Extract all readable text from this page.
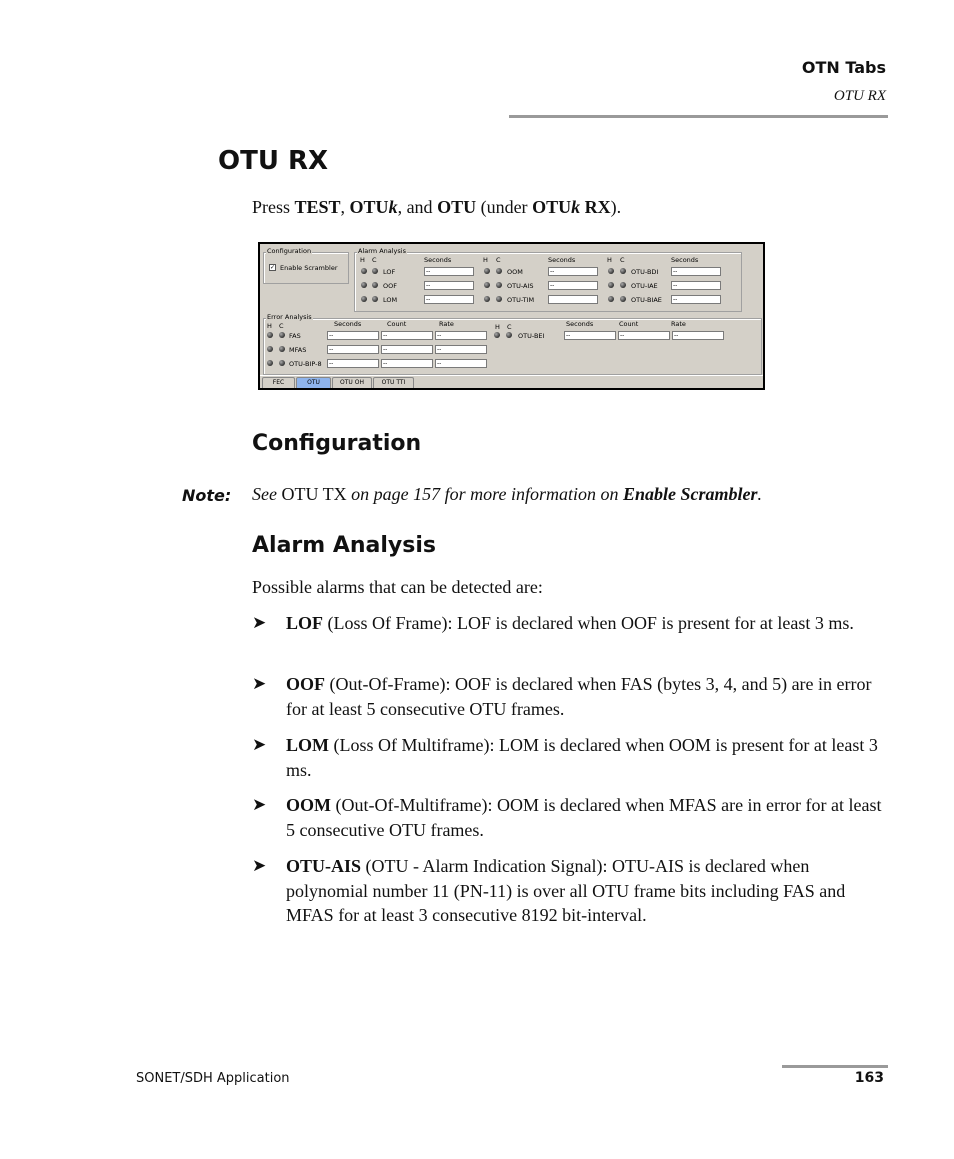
OTN Tabs
OTU RX
OTU RX
Press TEST, OTUk, and OTU (under OTUk RX).
Configuration
✓ Enable Scrambler
Alarm Analysis
H C	Seconds
LOF	--
OOF	--
LOM	--
H C	Seconds
OOM	--
OTU-AIS	--
OTU-TIM
H C	Seconds
OTU-BDI	--
OTU-IAE	--
OTU-BIAE	--
Error Analysis
H C	Seconds	Count	Rate
FAS	--	--	--
MFAS	--	--	--
OTU-BIP-8	--	--	--
H C	Seconds	Count	Rate
OTU-BEI	--	--	--
FEC	OTU	OTU OH	OTU TTI
Configuration
Note: See OTU TX on page 157 for more information on Enable Scrambler.
Alarm Analysis
Possible alarms that can be detected are:
➤ LOF (Loss Of Frame): LOF is declared when OOF is present for at least 3 ms.
➤ OOF (Out-Of-Frame): OOF is declared when FAS (bytes 3, 4, and 5) are in error for at least 5 consecutive OTU frames.
➤ LOM (Loss Of Multiframe): LOM is declared when OOM is present for at least 3 ms.
➤ OOM (Out-Of-Multiframe): OOM is declared when MFAS are in error for at least 5 consecutive OTU frames.
➤ OTU-AIS (OTU - Alarm Indication Signal): OTU-AIS is declared when polynomial number 11 (PN-11) is over all OTU frame bits including FAS and MFAS for at least 3 consecutive 8192 bit-interval.
SONET/SDH Application	163
